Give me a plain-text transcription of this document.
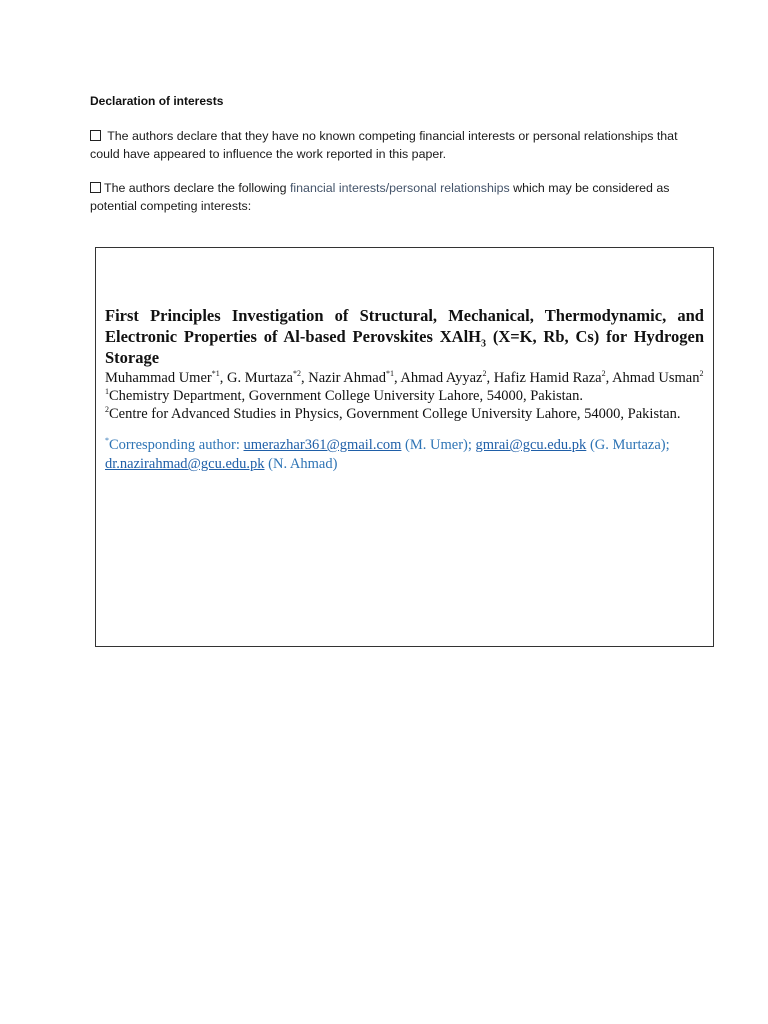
Declaration of interests
The authors declare that they have no known competing financial interests or personal relationships that could have appeared to influence the work reported in this paper.
The authors declare the following financial interests/personal relationships which may be considered as potential competing interests:

First Principles Investigation of Structural, Mechanical, Thermodynamic, and Electronic Properties of Al-based Perovskites XAlH$_3$ (X=K, Rb, Cs) for Hydrogen Storage

Muhammad Umer$^{*1}$, G. Murtaza$^{*2}$, Nazir Ahmad$^{*1}$, Ahmad Ayyaz$^2$, Hafiz Hamid Raza$^2$, Ahmad Usman$^2$

$^1$Chemistry Department, Government College University Lahore, 54000, Pakistan.

$^2$Centre for Advanced Studies in Physics, Government College University Lahore, 54000, Pakistan.

*Corresponding author: umerazhar361@gmail.com (M. Umer); gmrai@gcu.edu.pk (G. Murtaza); dr.nazirahmad@gcu.edu.pk (N. Ahmad)
